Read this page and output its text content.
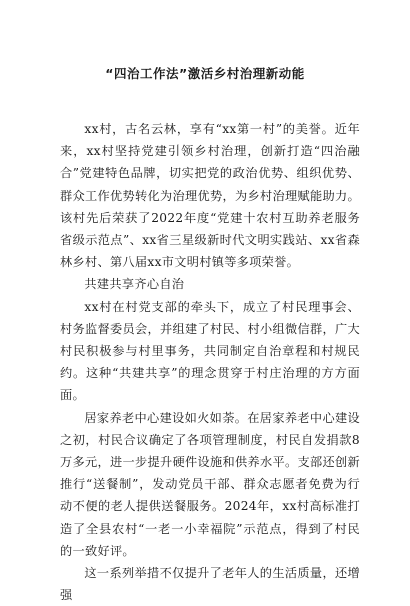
“四治工作法”激活乡村治理新动能

xx村，古名云林，享有“xx第一村”的美誉。近年来，xx村坚持党建引领乡村治理，创新打造“四治融合”党建特色品牌，切实把党的政治优势、组织优势、群众工作优势转化为治理优势，为乡村治理赋能助力。该村先后荣获了2022年度“党建十农村互助养老服务省级示范点”、xx省三星级新时代文明实践站、xx省森林乡村、第八届xx市文明村镇等多项荣誉。

共建共享齐心自治

xx村在村党支部的牵头下，成立了村民理事会、村务监督委员会，并组建了村民、村小组微信群，广大村民积极参与村里事务，共同制定自治章程和村规民约。这种“共建共享”的理念贯穿于村庄治理的方方面面。

居家养老中心建设如火如荼。在居家养老中心建设之初，村民合议确定了各项管理制度，村民自发捐款8万多元，进一步提升硬件设施和供养水平。支部还创新推行“送餐制”，发动党员干部、群众志愿者免费为行动不便的老人提供送餐服务。2024年，xx村高标准打造了全县农村“一老一小幸福院”示范点，得到了村民的一致好评。

这一系列举措不仅提升了老年人的生活质量，还增强
